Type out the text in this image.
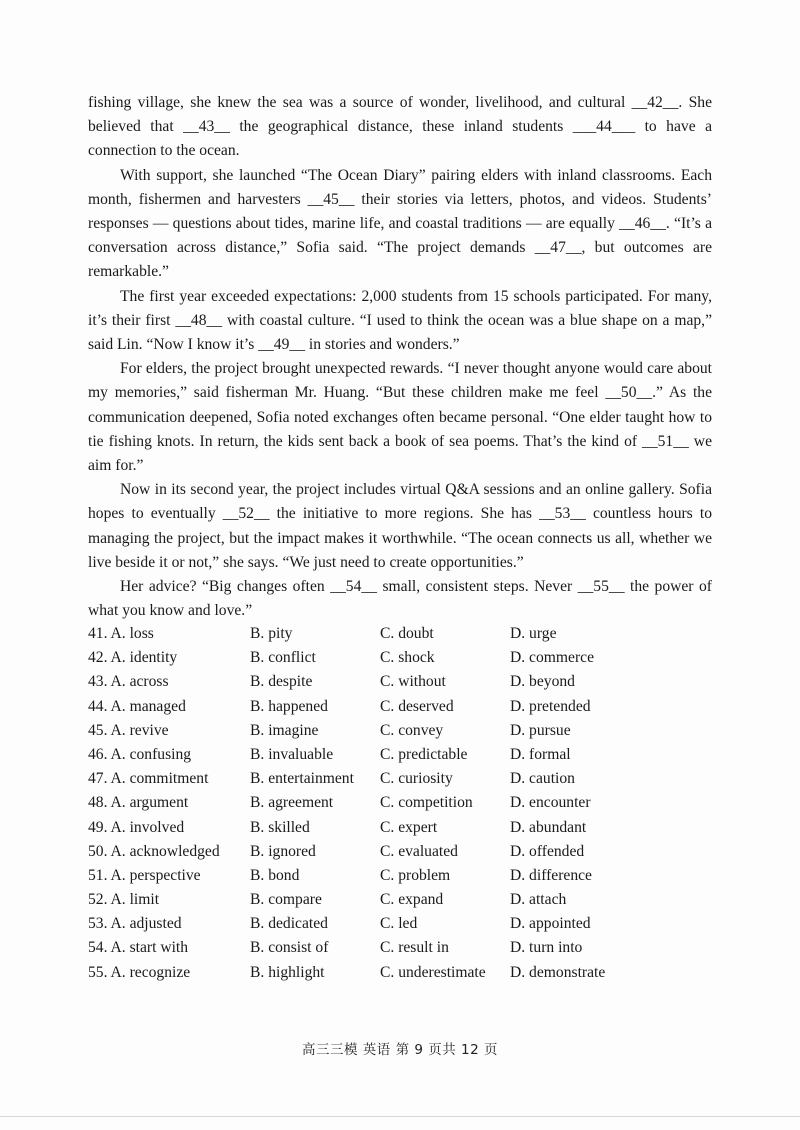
fishing village, she knew the sea was a source of wonder, livelihood, and cultural __42__. She believed that __43__ the geographical distance, these inland students ___44___ to have a connection to the ocean.

With support, she launched “The Ocean Diary” pairing elders with inland classrooms. Each month, fishermen and harvesters __45__ their stories via letters, photos, and videos. Students’ responses — questions about tides, marine life, and coastal traditions — are equally __46__. “It’s a conversation across distance,” Sofia said. “The project demands __47__, but outcomes are remarkable.”

The first year exceeded expectations: 2,000 students from 15 schools participated. For many, it’s their first __48__ with coastal culture. “I used to think the ocean was a blue shape on a map,” said Lin. “Now I know it’s __49__ in stories and wonders.”

For elders, the project brought unexpected rewards. “I never thought anyone would care about my memories,” said fisherman Mr. Huang. “But these children make me feel __50__.” As the communication deepened, Sofia noted exchanges often became personal. “One elder taught how to tie fishing knots. In return, the kids sent back a book of sea poems. That’s the kind of __51__ we aim for.”

Now in its second year, the project includes virtual Q&A sessions and an online gallery. Sofia hopes to eventually __52__ the initiative to more regions. She has __53__ countless hours to managing the project, but the impact makes it worthwhile. “The ocean connects us all, whether we live beside it or not,” she says. “We just need to create opportunities.”

Her advice? “Big changes often __54__ small, consistent steps. Never __55__ the power of what you know and love.”

41. A. loss	B. pity	C. doubt	D. urge
42. A. identity	B. conflict	C. shock	D. commerce
43. A. across	B. despite	C. without	D. beyond
44. A. managed	B. happened	C. deserved	D. pretended
45. A. revive	B. imagine	C. convey	D. pursue
46. A. confusing	B. invaluable	C. predictable	D. formal
47. A. commitment	B. entertainment	C. curiosity	D. caution
48. A. argument	B. agreement	C. competition	D. encounter
49. A. involved	B. skilled	C. expert	D. abundant
50. A. acknowledged	B. ignored	C. evaluated	D. offended
51. A. perspective	B. bond	C. problem	D. difference
52. A. limit	B. compare	C. expand	D. attach
53. A. adjusted	B. dedicated	C. led	D. appointed
54. A. start with	B. consist of	C. result in	D. turn into
55. A. recognize	B. highlight	C. underestimate	D. demonstrate
高三三模 英语 第 9 页共 12 页
